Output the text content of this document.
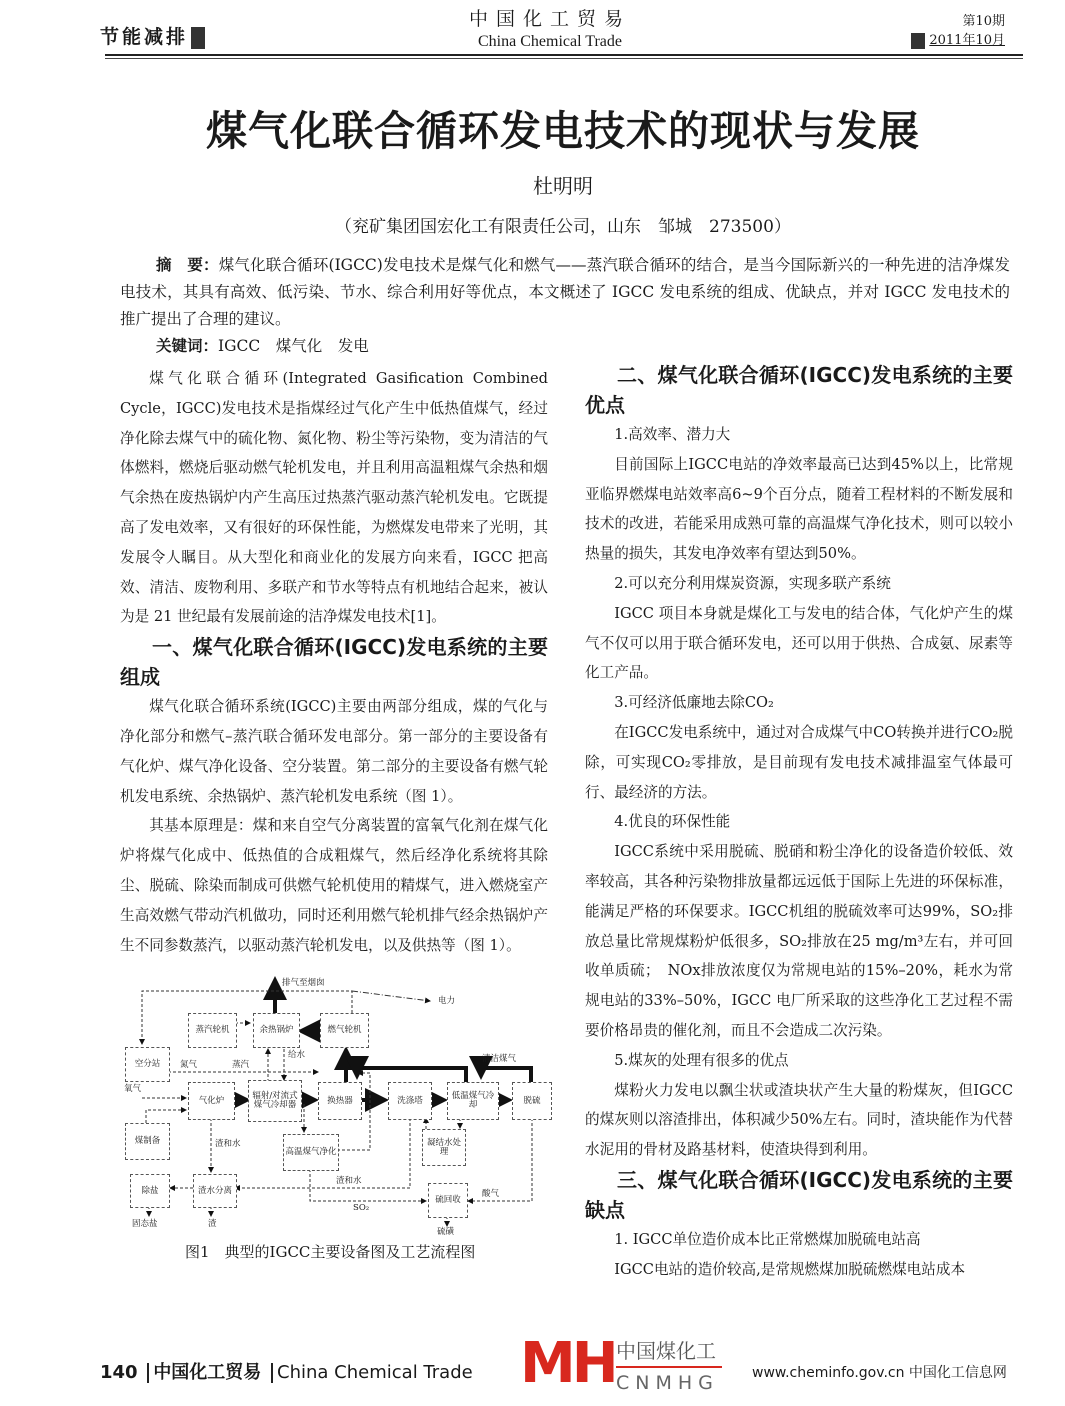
节能减排
中国化工贸易
China Chemical Trade
第10期
2011年10月
煤气化联合循环发电技术的现状与发展
杜明明
（兖矿集团国宏化工有限责任公司，山东　邹城　273500）
摘　要：煤气化联合循环(IGCC)发电技术是煤气化和燃气——蒸汽联合循环的结合，是当今国际新兴的一种先进的洁净煤发电技术，其具有高效、低污染、节水、综合利用好等优点，本文概述了 IGCC 发电系统的组成、优缺点，并对 IGCC 发电技术的推广提出了合理的建议。
关键词：IGCC　煤气化　发电

煤气化联合循环(Integrated Gasification Combined Cycle，IGCC)发电技术是指煤经过气化产生中低热值煤气，经过净化除去煤气中的硫化物、氮化物、粉尘等污染物，变为清洁的气体燃料，燃烧后驱动燃气轮机发电，并且利用高温粗煤气余热和烟气余热在废热锅炉内产生高压过热蒸汽驱动蒸汽轮机发电。它既提高了发电效率，又有很好的环保性能，为燃煤发电带来了光明，其发展令人瞩目。从大型化和商业化的发展方向来看，IGCC 把高效、清洁、废物利用、多联产和节水等特点有机地结合起来，被认为是 21 世纪最有发展前途的洁净煤发电技术[1]。

一、煤气化联合循环(IGCC)发电系统的主要组成

煤气化联合循环系统(IGCC)主要由两部分组成，煤的气化与净化部分和燃气–蒸汽联合循环发电部分。第一部分的主要设备有气化炉、煤气净化设备、空分装置。第二部分的主要设备有燃气轮机发电系统、余热锅炉、蒸汽轮机发电系统（图 1）。

其基本原理是：煤和来自空气分离装置的富氧气化剂在煤气化炉将煤气化成中、低热值的合成粗煤气，然后经净化系统将其除尘、脱硫、除染而制成可供燃气轮机使用的精煤气，进入燃烧室产生高效燃气带动汽机做功，同时还利用燃气轮机排气经余热锅炉产生不同参数蒸汽，以驱动蒸汽轮机发电，以及供热等（图 1）。

蒸汽轮机	余热锅炉	燃气轮机
空分站
气化炉	辐射/对流式煤气冷却器	换热器	洗涤塔	低温煤气冷却	脱硫
煤制备
高温煤气净化
凝结水处理
除盐	渣水分离
硫回收
排气至烟囱
电力
氮气	蒸汽
给水	清洁煤气
氧气
渣和水
渣和水
SO₂
酸气
固态盐	渣
硫磺
图1　典型的IGCC主要设备图及工艺流程图
二、煤气化联合循环(IGCC)发电系统的主要优点

1.高效率、潜力大

目前国际上IGCC电站的净效率最高已达到45%以上，比常规亚临界燃煤电站效率高6~9个百分点，随着工程材料的不断发展和技术的改进，若能采用成熟可靠的高温煤气净化技术，则可以较小热量的损失，其发电净效率有望达到50%。

2.可以充分利用煤炭资源，实现多联产系统

IGCC 项目本身就是煤化工与发电的结合体，气化炉产生的煤气不仅可以用于联合循环发电，还可以用于供热、合成氨、尿素等化工产品。

3.可经济低廉地去除CO₂

在IGCC发电系统中，通过对合成煤气中CO转换并进行CO₂脱除，可实现CO₂零排放，是目前现有发电技术减排温室气体最可行、最经济的方法。

4.优良的环保性能

IGCC系统中采用脱硫、脱硝和粉尘净化的设备造价较低、效率较高，其各种污染物排放量都远远低于国际上先进的环保标准，能满足严格的环保要求。IGCC机组的脱硫效率可达99%，SO₂排放总量比常规煤粉炉低很多，SO₂排放在25 mg/m³左右，并可回收单质硫；　NOx排放浓度仅为常规电站的15%–20%，耗水为常规电站的33%–50%，IGCC 电厂所采取的这些净化工艺过程不需要价格昂贵的催化剂，而且不会造成二次污染。

5.煤灰的处理有很多的优点

煤粉火力发电以飘尘状或渣块状产生大量的粉煤灰，但IGCC的煤灰则以溶渣排出，体积减少50%左右。同时，渣块能作为代替水泥用的骨材及路基材料，使渣块得到利用。

三、煤气化联合循环(IGCC)发电系统的主要缺点

1. IGCC单位造价成本比正常燃煤加脱硫电站高

IGCC电站的造价较高,是常规燃煤加脱硫燃煤电站成本

MH 中国煤化工
CNMHG
140 中国化工贸易 China Chemical Trade	www.cheminfo.gov.cn 中国化工信息网
